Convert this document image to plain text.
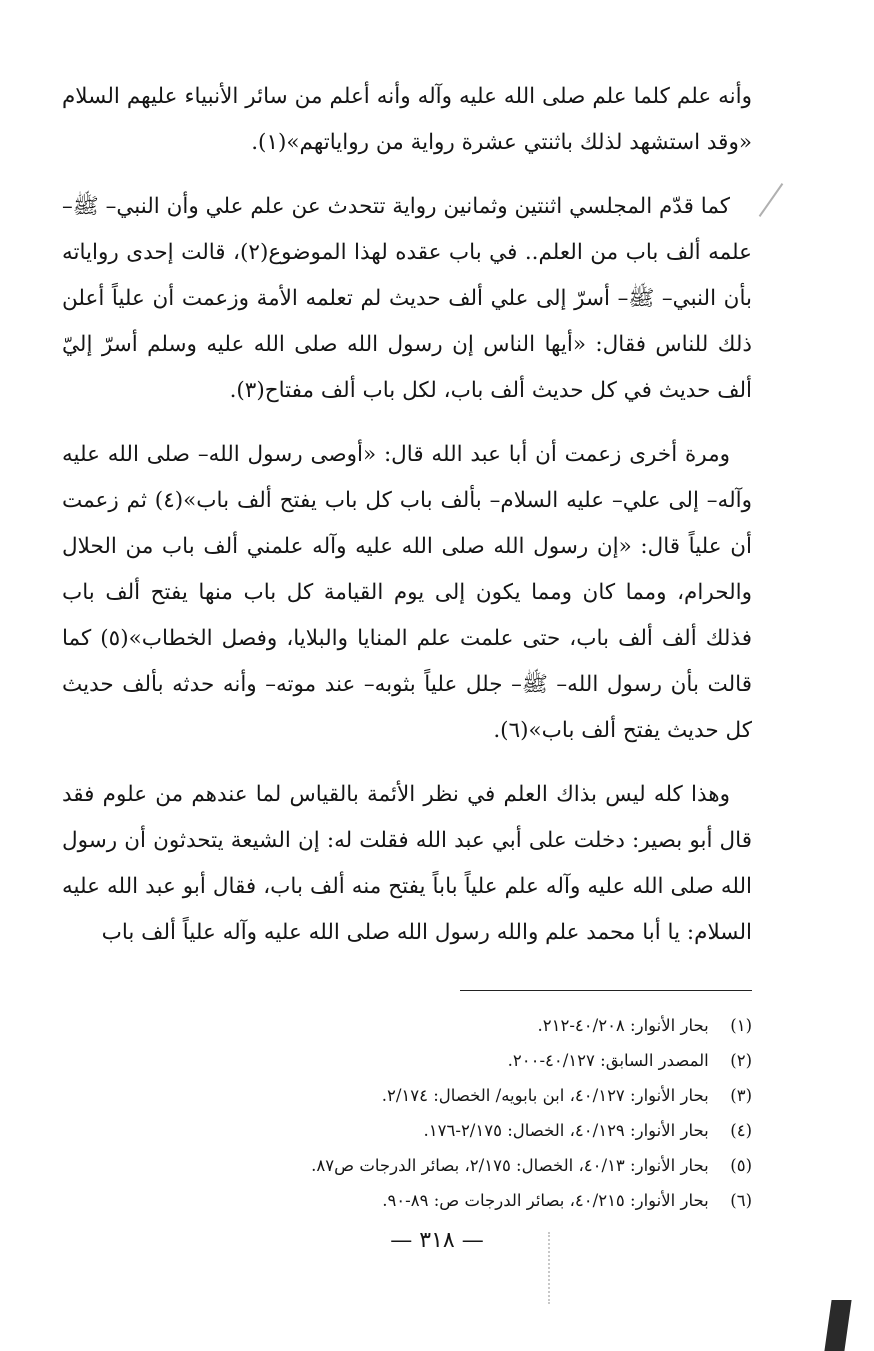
وأنه علم كلما علم صلى الله عليه وآله وأنه أعلم من سائر الأنبياء عليهم السلام «وقد استشهد لذلك باثنتي عشرة رواية من رواياتهم»(١).

كما قدّم المجلسي اثنتين وثمانين رواية تتحدث عن علم علي وأن النبي– ﷺ– علمه ألف باب من العلم.. في باب عقده لهذا الموضوع(٢)، قالت إحدى رواياته بأن النبي– ﷺ– أسرّ إلى علي ألف حديث لم تعلمه الأمة وزعمت أن علياً أعلن ذلك للناس فقال: «أيها الناس إن رسول الله صلى الله عليه وسلم أسرّ إليّ ألف حديث في كل حديث ألف باب، لكل باب ألف مفتاح(٣).

ومرة أخرى زعمت أن أبا عبد الله قال: «أوصى رسول الله– صلى الله عليه وآله– إلى علي– عليه السلام– بألف باب كل باب يفتح ألف باب»(٤) ثم زعمت أن علياً قال: «إن رسول الله صلى الله عليه وآله علمني ألف باب من الحلال والحرام، ومما كان ومما يكون إلى يوم القيامة كل باب منها يفتح ألف باب فذلك ألف ألف باب، حتى علمت علم المنايا والبلايا، وفصل الخطاب»(٥) كما قالت بأن رسول الله– ﷺ– جلل علياً بثوبه– عند موته– وأنه حدثه بألف حديث كل حديث يفتح ألف باب»(٦).

وهذا كله ليس بذاك العلم في نظر الأئمة بالقياس لما عندهم من علوم فقد قال أبو بصير: دخلت على أبي عبد الله فقلت له: إن الشيعة يتحدثون أن رسول الله صلى الله عليه وآله علم علياً باباً يفتح منه ألف باب، فقال أبو عبد الله عليه السلام: يا أبا محمد علم والله رسول الله صلى الله عليه وآله علياً ألف باب

(١) بحار الأنوار: ٤٠/٢٠٨-٢١٢.
(٢) المصدر السابق: ٤٠/١٢٧-٢٠٠.
(٣) بحار الأنوار: ٤٠/١٢٧، ابن بابويه/ الخصال: ٢/١٧٤.
(٤) بحار الأنوار: ٤٠/١٢٩، الخصال: ٢/١٧٥-١٧٦.
(٥) بحار الأنوار: ٤٠/١٣، الخصال: ٢/١٧٥، بصائر الدرجات ص٨٧.
(٦) بحار الأنوار: ٤٠/٢١٥، بصائر الدرجات ص: ٨٩-٩٠.
— ٣١٨ —
